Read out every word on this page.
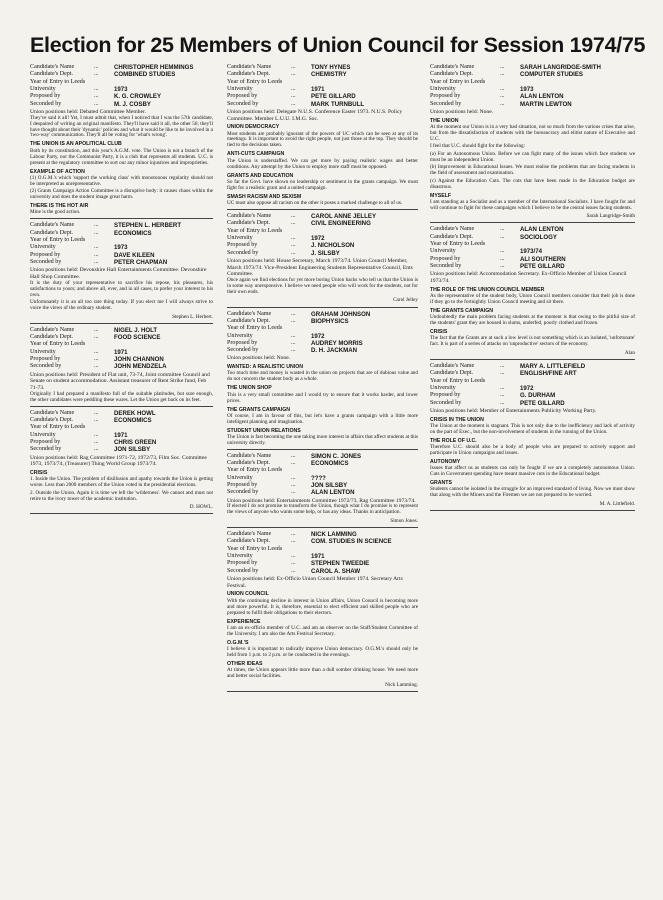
Election for 25 Members of Union Council for Session 1974/75
Candidate's Name	...	CHRISTOPHER HEMMINGS
Candidate's Dept.	...	COMBINED STUDIES
Year of Entry to Leeds
University	...	1973
Proposed by	...	K. G. CROWLEY
Seconded by	...	M. J. COSBY
Union positions held: Debated Committee Member.

They've said it all! Yet, I must admit that, when I noticed that I was the 57th candidate, I despaired of writing an original manifesto. They'll have said it all, the other 56; they'll have thought about their 'dynamic' policies and what it would be like to be involved in a 'two-way' communication. They'll all be voting for 'what's wrong'.

THE UNION IS AN APOLITICAL CLUB

Both by its constitution, and this year's A.G.M. vote. The Union is not a branch of the Labour Party, nor the Communist Party, it is a club that represents all students. U.C. is present at the regulatory committee to sort our any minor injustices and improprieties.

EXAMPLE OF ACTION

(1) O.G.M.'s which 'support the working class' with monotonous regularity should not be interpreted as unrepresentative.

(2) Grants Campaign Action Committee is a disruptive body: it causes chaos within the university and does the student image great harm.

THERE IS THE HOT AIR

Mine is the good action.

Candidate's Name	...	STEPHEN L. HERBERT
Candidate's Dept.	...	ECONOMICS
Year of Entry to Leeds
University	...	1973
Proposed by	...	DAVE KILEEN
Seconded by	...	PETER CHAPMAN
Union positions held: Devonshire Hall Entertainments Committee. Devonshire Hall Shop Committee.

It is the duty of your representative to sacrifice his repose, his pleasures, his satisfactions to yours; and above all, ever, and in all cases, to prefer your interest to his own.

Unfortunately it is an all too rare thing today. If you elect me I will always strive to voice the views of the ordinary student.

Stephen L. Herbert.
Candidate's Name	...	NIGEL J. HOLT
Candidate's Dept.	...	FOOD SCIENCE
Year of Entry to Leeds
University	...	1971
Proposed by	...	JOHN CHANNON
Seconded by	...	JOHN MENDZELA
Union positions held: President of Flat unit, 73-74, Joint committee Council and Senate on student accommodation. Assistant treasurer of Rent Strike fund, Feb 71-73.

Originally I had prepared a manifesto full of the suitable platitudes, but sure enough, the other candidates were peddling these wares. Let the Union get back on its feet.

Candidate's Name	...	DEREK HOWL
Candidate's Dept.	...	ECONOMICS
Year of Entry to Leeds
University	...	1971
Proposed by	...	CHRIS GREEN
Seconded by	...	JON SILSBY
Union positions held: Rag Committee 1971-72, 1972/73, Film Soc. Committee 1973, 1973/74, (Treasurer) Thing World Group 1973/74.
CRISIS

1. Inside the Union. The problem of disillusion and apathy towards the Union is getting worse. Less than 2000 members of the Union voted in the presidential elections.

2. Outside the Union. Again it is time we left the 'wilderness'. We cannot and must not retire to the ivory tower of the academic institution.

D. HOWL.
Candidate's Name	...	TONY HYNES
Candidate's Dept.	...	CHEMISTRY
Year of Entry to Leeds
University	...	1971
Proposed by	...	PETE GILLARD
Seconded by	...	MARK TURNBULL
Union positions held: Delegate N.U.S. Conference Easter 1973. N.U.S. Policy Committee. Member L.U.U. I.M.G. Soc.
UNION DEMOCRACY

Most students are probably ignorant of the powers of UC which can be seen at any of its meetings. It is important to avoid the right people, not just those at the top. They should be tied to the decisions taken.

ANTI-CUTS CAMPAIGN

The Union is understaffed. We can get more by paying realistic wages and better conditions. Any attempt by the Union to employ more staff must be opposed.

GRANTS AND EDUCATION

So far the Govt. have shown no leadership or sentiment in the grants campaign. We must fight for a realistic grant and a united campaign.

SMASH RACISM AND SEXISM

UC must also oppose all racism on the other it poses a marked challenge to all of us.

Candidate's Name	...	CAROL ANNE JELLEY
Candidate's Dept.	...	CIVIL ENGINEERING
Year of Entry to Leeds
University	...	1972
Proposed by	...	J. NICHOLSON
Seconded by	...	J. SILSBY
Union positions held: House Secretary, March 1973/74. Union Council Member, March 1973/74. Vice-President Engineering Students Representative Council, Ents Committee.

Once again we find elections for yet more boring Union hacks who tell us that the Union is in some way unresponsive. I believe we need people who will work for the students, not for their own ends.

Carol Jelley
Candidate's Name	...	GRAHAM JOHNSON
Candidate's Dept.	...	BIOPHYSICS
Year of Entry to Leeds
University	...	1972
Proposed by	...	AUDREY MORRIS
Seconded by	...	D. H. JACKMAN
Union positions held: None.
WANTED: A REALISTIC UNION

Too much time and money is wasted in the union on projects that are of dubious value and do not concern the student body as a whole.

THE UNION SHOP

This is a very small committee and I would try to ensure that it works harder, and lower prices.

THE GRANTS CAMPAIGN

Of course, I am in favour of this, but let's have a grants campaign with a little more intelligent planning and imagination.

STUDENT UNION RELATIONS

The Union is fast becoming the one taking more interest in affairs that affect students at this university directly.

Candidate's Name	...	SIMON C. JONES
Candidate's Dept.	...	ECONOMICS
Year of Entry to Leeds
University	...	????
Proposed by	...	JON SILSBY
Seconded by	...	ALAN LENTON
Union positions held: Entertainments Committee 1972/73, Rag Committee 1973/74.

If elected I do not promise to transform the Union, though what I do promise is to represent the views of anyone who wants some help, or has any ideas. Thanks in anticipation.

Simon Jones.
Candidate's Name	...	NICK LAMMING
Candidate's Dept.	...	COM. STUDIES IN SCIENCE
Year of Entry to Leeds
University	...	1971
Proposed by	...	STEPHEN TWEEDIE
Seconded by	...	CAROL A. SHAW
Union positions held: Ex-Officio Union Council Member 1974. Secretary Arts Festival.
UNION COUNCIL

With the continuing decline in interest in Union affairs, Union Council is becoming more and more powerful. It is, therefore, essential to elect efficient and skilled people who are prepared to fulfil their obligations to their electors.

EXPERIENCE

I am an ex-officio member of U.C. and am an observer on the Staff/Student Committee of the University. I am also the Arts Festival Secretary.

O.G.M.'S

I believe it is important to radically improve Union democracy. O.G.M.'s should only be held from 1 p.m. to 2 p.m. or be conducted in the evenings.

OTHER IDEAS

At times, the Union appears little more than a dull somber drinking house. We need more and better social facilities.

Nick Lamming.
Candidate's Name	...	SARAH LANGRIDGE-SMITH
Candidate's Dept.	...	COMPUTER STUDIES
Year of Entry to Leeds
University	...	1973
Proposed by	...	ALAN LENTON
Seconded by	...	MARTIN LEWTON
Union positions held: None.
THE UNION

At the moment our Union is in a very bad situation, not so much from the various crises that arise, but from the dissatisfaction of students with the bureaucracy and elitist nature of Executive and U.C.

I feel that U.C. should fight for the following:

(a) For an Autonomous Union. Before we can fight many of the issues which face students we must be an independent Union.

(b) Improvement in Educational Issues. We must realise the problems that are facing students in the field of assessment and examination.

(c) Against the Education Cuts. The cuts that have been made in the Education budget are disastrous.

MYSELF

I am standing as a Socialist and as a member of the International Socialists. I have fought for and will continue to fight for these campaigns which I believe to be the central issues facing students.

Sarah Langridge-Smith
Candidate's Name	...	ALAN LENTON
Candidate's Dept.	...	SOCIOLOGY
Year of Entry to Leeds
University	...	1973/74
Proposed by	...	ALI SOUTHERN
Seconded by	...	PETE GILLARD
Union positions held: Accommodation Secretary. Ex-Officio Member of Union Council 1973/74.
THE ROLE OF THE UNION COUNCIL MEMBER

As the representative of the student body, Union Council members consider that their job is done if they go to the fortnightly Union Council meeting and sit there.

THE GRANTS CAMPAIGN

Undoubtedly the main problem facing students at the moment is that owing to the pitiful size of the students' grant they are housed in slums, underfed, poorly clothed and frozen.

CRISIS

The fact that the Grants are at such a low level is not something which is an isolated, 'unfortunate' fact. It is part of a series of attacks on 'unproductive' sectors of the economy.

Alan
Candidate's Name	...	MARY A. LITTLEFIELD
Candidate's Dept.	...	ENGLISH/FINE ART
Year of Entry to Leeds
University	...	1972
Proposed by	...	G. DURHAM
Seconded by	...	PETE GILLARD
Union positions held: Member of Entertainments Publicity Working Party.
CRISIS IN THE UNION

The Union at the moment is stagnant. This is not only due to the inefficiency and lack of activity on the part of Exec., but the non-involvement of students in the running of the Union.

THE ROLE OF U.C.

Therefore U.C. should also be a body of people who are prepared to actively support and participate in Union campaigns and issues.

AUTONOMY

Issues that affect us as students can only be fought if we are a completely autonomous Union. Cuts in Government spending have meant massive cuts in the Educational budget.

GRANTS

Students cannot be isolated in the struggle for an improved standard of living. Now we must show that along with the Miners and the Firemen we are not prepared to be worried.

M. A. Littlefield.
